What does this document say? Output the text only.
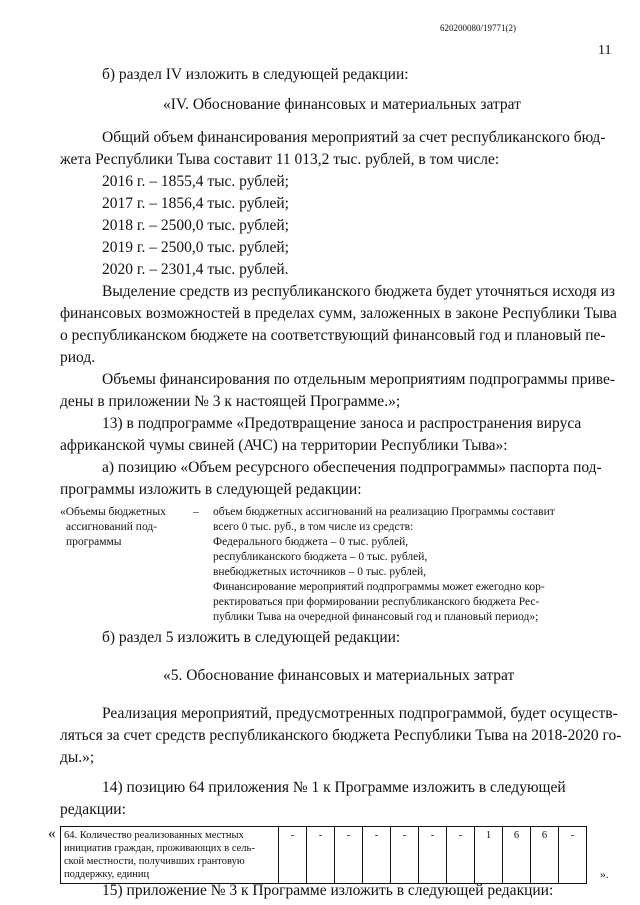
620200080/19771(2)
11
б) раздел IV изложить в следующей редакции:
«IV. Обоснование финансовых и материальных затрат
Общий объем финансирования мероприятий за счет республиканского бюд-
жета Республики Тыва составит 11 013,2 тыс. рублей, в том числе:
2016 г. – 1855,4 тыс. рублей;
2017 г. – 1856,4 тыс. рублей;
2018 г. – 2500,0 тыс. рублей;
2019 г. – 2500,0 тыс. рублей;
2020 г. – 2301,4 тыс. рублей.
Выделение средств из республиканского бюджета будет уточняться исходя из
финансовых возможностей в пределах сумм, заложенных в законе Республики Тыва
о республиканском бюджете на соответствующий финансовый год и плановый пе-
риод.
Объемы финансирования по отдельным мероприятиям подпрограммы приве-
дены в приложении № 3 к настоящей Программе.»;
13) в подпрограмме «Предотвращение заноса и распространения вируса
африканской чумы свиней (АЧС) на территории Республики Тыва»:
а) позицию «Объем ресурсного обеспечения подпрограммы» паспорта под-
программы изложить в следующей редакции:
«Объемы бюджетных
ассигнований под-
программы
– объем бюджетных ассигнований на реализацию Программы составит
всего 0 тыс. руб., в том числе из средств:
Федерального бюджета – 0 тыс. рублей,
республиканского бюджета – 0 тыс. рублей,
внебюджетных источников – 0 тыс. рублей,
Финансирование мероприятий подпрограммы может ежегодно кор-
ректироваться при формировании республиканского бюджета Рес-
публики Тыва на очередной финансовый год и плановый период»;
б) раздел 5 изложить в следующей редакции:
«5. Обоснование финансовых и материальных затрат
Реализация мероприятий, предусмотренных подпрограммой, будет осуществ-
ляться за счет средств республиканского бюджета Республики Тыва на 2018-2020 го-
ды.»;
14) позицию 64 приложения № 1 к Программе изложить в следующей
редакции:
« 64. Количество реализованных местных
инициатив граждан, проживающих в сель-
ской местности, получивших грантовую
поддержку, единиц
	-	-	-	-	-	-	-	1	6	6	-
».
15) приложение № 3 к Программе изложить в следующей редакции:
